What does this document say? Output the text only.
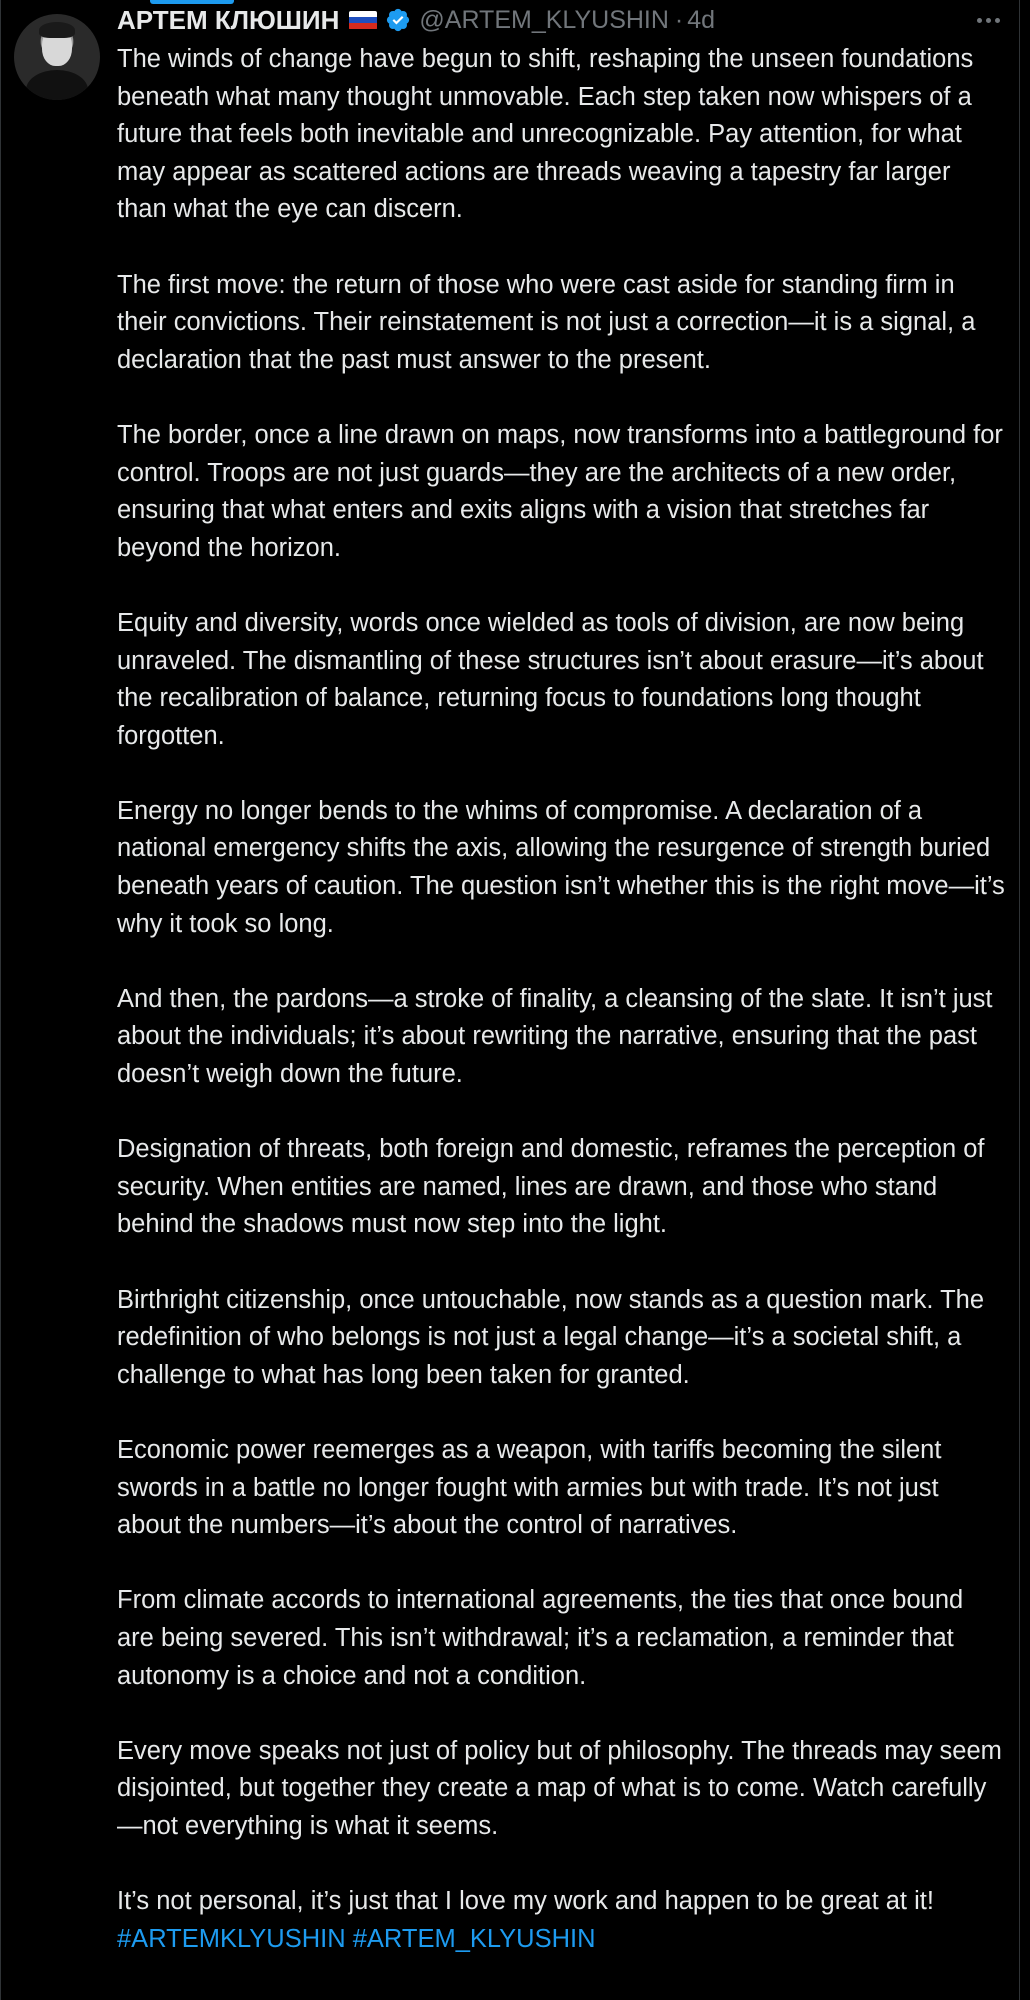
АРТЕМ КЛЮШИН	@ARTEM_KLYUSHIN · 4d

The winds of change have begun to shift, reshaping the unseen foundations beneath what many thought unmovable. Each step taken now whispers of a future that feels both inevitable and unrecognizable. Pay attention, for what may appear as scattered actions are threads weaving a tapestry far larger than what the eye can discern.

The first move: the return of those who were cast aside for standing firm in their convictions. Their reinstatement is not just a correction—it is a signal, a declaration that the past must answer to the present.

The border, once a line drawn on maps, now transforms into a battleground for control. Troops are not just guards—they are the architects of a new order, ensuring that what enters and exits aligns with a vision that stretches far beyond the horizon.

Equity and diversity, words once wielded as tools of division, are now being unraveled. The dismantling of these structures isn’t about erasure—it’s about the recalibration of balance, returning focus to foundations long thought forgotten.

Energy no longer bends to the whims of compromise. A declaration of a national emergency shifts the axis, allowing the resurgence of strength buried beneath years of caution. The question isn’t whether this is the right move—it’s why it took so long.

And then, the pardons—a stroke of finality, a cleansing of the slate. It isn’t just about the individuals; it’s about rewriting the narrative, ensuring that the past doesn’t weigh down the future.

Designation of threats, both foreign and domestic, reframes the perception of security. When entities are named, lines are drawn, and those who stand behind the shadows must now step into the light.

Birthright citizenship, once untouchable, now stands as a question mark. The redefinition of who belongs is not just a legal change—it’s a societal shift, a challenge to what has long been taken for granted.

Economic power reemerges as a weapon, with tariffs becoming the silent swords in a battle no longer fought with armies but with trade. It’s not just about the numbers—it’s about the control of narratives.

From climate accords to international agreements, the ties that once bound are being severed. This isn’t withdrawal; it’s a reclamation, a reminder that autonomy is a choice and not a condition.

Every move speaks not just of policy but of philosophy. The threads may seem disjointed, but together they create a map of what is to come. Watch carefully—not everything is what it seems.

It’s not personal, it’s just that I love my work and happen to be great at it!

#ARTEMKLYUSHIN #ARTEM_KLYUSHIN
